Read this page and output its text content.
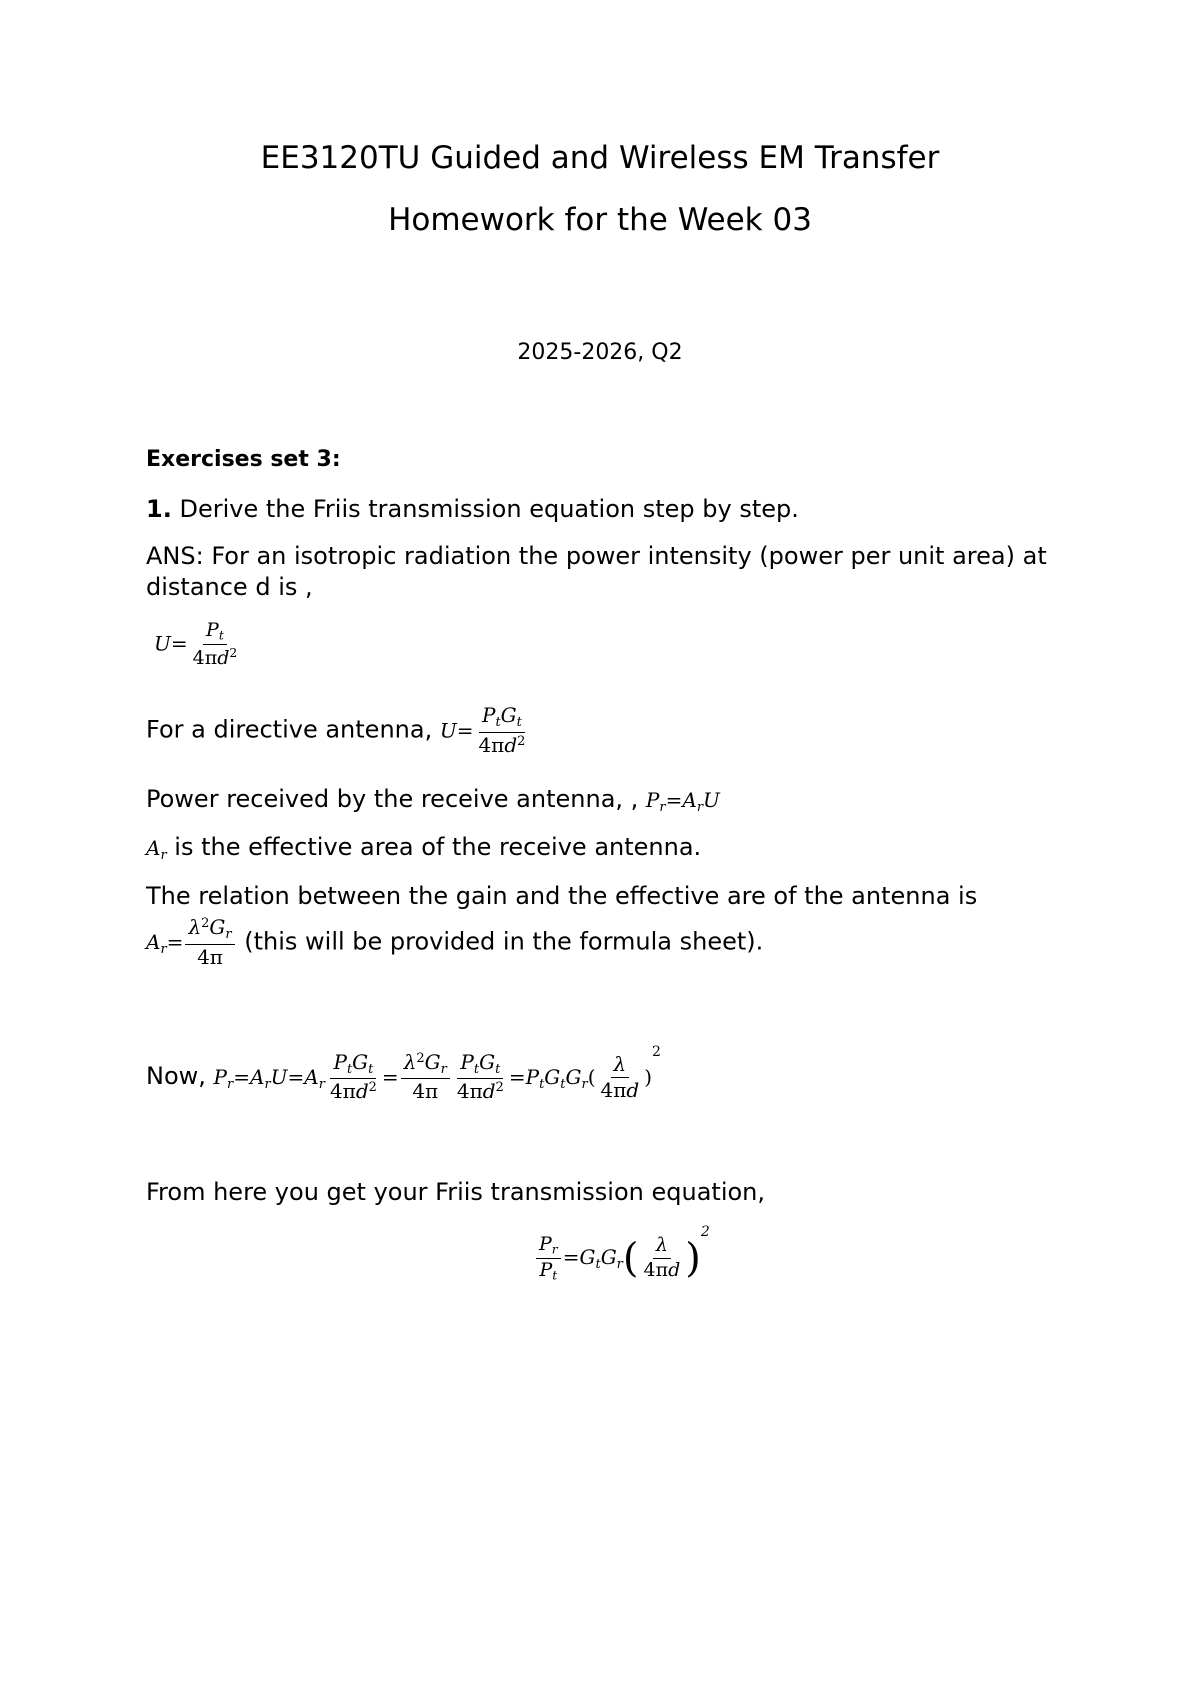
EE3120TU Guided and Wireless EM Transfer
Homework for the Week 03
2025-2026, Q2
Exercises set 3:
1. Derive the Friis transmission equation step by step.
ANS: For an isotropic radiation the power intensity (power per unit area) at
distance d is ,
$U= \frac{P_t}{4\pi d^2}$
For a directive antenna, $U= \frac{P_tG_t}{4\pi d^2}$
Power received by the receive antenna, , $P_r=A_rU$
$A_r$ is the effective area of the receive antenna.
The relation between the gain and the effective are of the antenna is
$A_r= \frac{\lambda^2G_r}{4\pi}$ (this will be provided in the formula sheet).
Now, $P_r=A_rU=A_r \frac{P_tG_t}{4\pi d^2} = \frac{\lambda^2G_r}{4\pi} \frac{P_tG_t}{4\pi d^2} =P_tG_tG_r( \frac{\lambda}{4\pi d} )^2$
From here you get your Friis transmission equation,
$\frac{P_r}{P_t} =G_tG_r( \frac{\lambda}{4\pi d} )^2$
